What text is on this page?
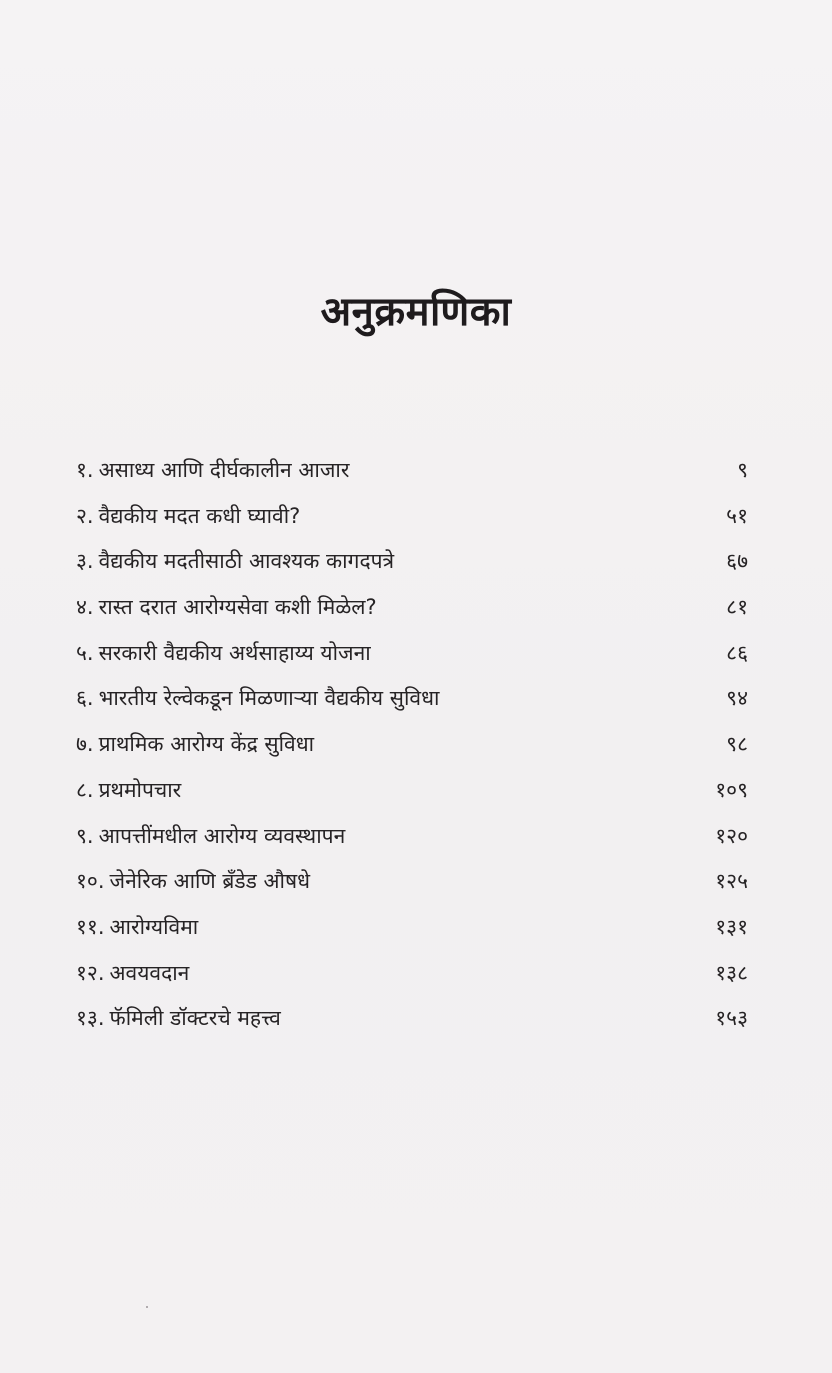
अनुक्रमणिका
१. असाध्य आणि दीर्घकालीन आजार	९
२. वैद्यकीय मदत कधी घ्यावी?	५१
३. वैद्यकीय मदतीसाठी आवश्यक कागदपत्रे	६७
४. रास्त दरात आरोग्यसेवा कशी मिळेल?	८१
५. सरकारी वैद्यकीय अर्थसाहाय्य योजना	८६
६. भारतीय रेल्वेकडून मिळणाऱ्या वैद्यकीय सुविधा	९४
७. प्राथमिक आरोग्य केंद्र सुविधा	९८
८. प्रथमोपचार	१०९
९. आपत्तींमधील आरोग्य व्यवस्थापन	१२०
१०. जेनेरिक आणि ब्रँडेड औषधे	१२५
११. आरोग्यविमा	१३१
१२. अवयवदान	१३८
१३. फॅमिली डॉक्टरचे महत्त्व	१५३
